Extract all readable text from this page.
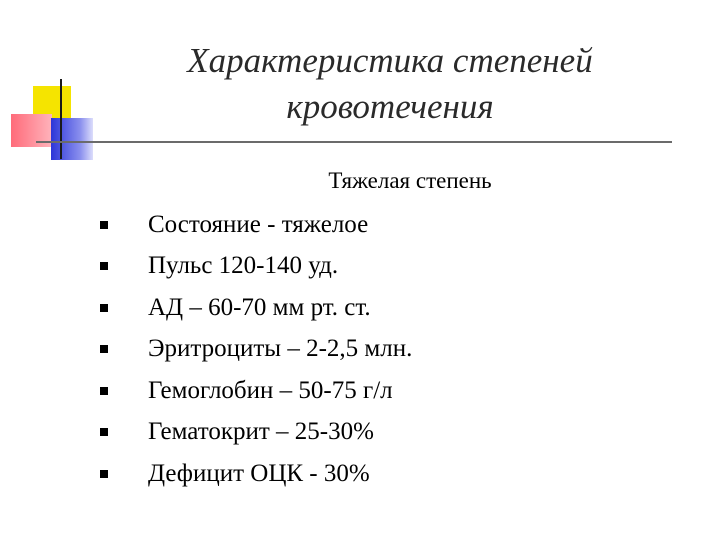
Характеристика степеней
кровотечения
Тяжелая степень
Состояние - тяжелое
Пульс 120-140 уд.
АД – 60-70 мм рт. ст.
Эритроциты – 2-2,5 млн.
Гемоглобин – 50-75 г/л
Гематокрит – 25-30%
Дефицит ОЦК - 30%
